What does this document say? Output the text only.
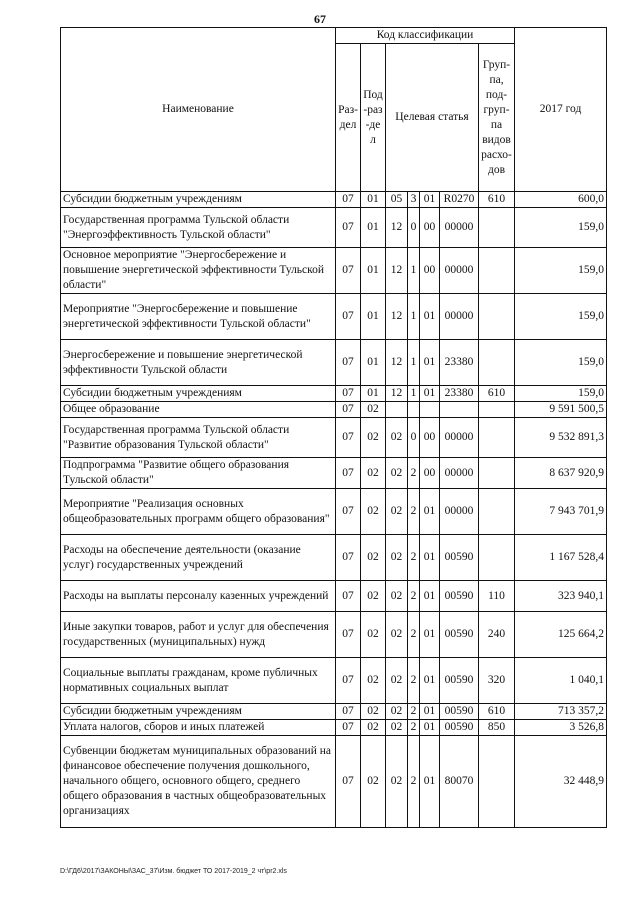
67
Наименование	Код классификации							2017 год
	Раз-дел	Под-раз-дел	Целевая статья				Груп-па, под-груп-па видов расхо-дов	
Субсидии бюджетным учреждениям	07	01	05	3	01	R0270	610	600,0
Государственная программа Тульской области "Энергоэффективность Тульской области"	07	01	12	0	00	00000		159,0
Основное мероприятие "Энергосбережение и повышение энергетической эффективности Тульской области"	07	01	12	1	00	00000		159,0
Мероприятие "Энергосбережение и повышение энергетической эффективности Тульской области"	07	01	12	1	01	00000		159,0
Энергосбережение и повышение энергетической эффективности Тульской области	07	01	12	1	01	23380		159,0
Субсидии бюджетным учреждениям	07	01	12	1	01	23380	610	159,0
Общее образование	07	02						9 591 500,5
Государственная программа Тульской области "Развитие образования Тульской области"	07	02	02	0	00	00000		9 532 891,3
Подпрограмма "Развитие общего образования Тульской области"	07	02	02	2	00	00000		8 637 920,9
Мероприятие "Реализация основных общеобразовательных программ общего образования"	07	02	02	2	01	00000		7 943 701,9
Расходы на обеспечение деятельности (оказание услуг) государственных учреждений	07	02	02	2	01	00590		1 167 528,4
Расходы на выплаты персоналу казенных учреждений	07	02	02	2	01	00590	110	323 940,1
Иные закупки товаров, работ и услуг для обеспечения государственных (муниципальных) нужд	07	02	02	2	01	00590	240	125 664,2
Социальные выплаты гражданам, кроме публичных нормативных социальных выплат	07	02	02	2	01	00590	320	1 040,1
Субсидии бюджетным учреждениям	07	02	02	2	01	00590	610	713 357,2
Уплата налогов, сборов и иных платежей	07	02	02	2	01	00590	850	3 526,8
Субвенции бюджетам муниципальных образований на финансовое обеспечение получения дошкольного, начального общего, основного общего, среднего общего образования в частных общеобразовательных организациях	07	02	02	2	01	80070		32 448,9
D:\ГД6\2017\ЗАКОНЫ\ЗАС_37\Изм. бюджет ТО 2017-2019_2 чт\pr2.xls
